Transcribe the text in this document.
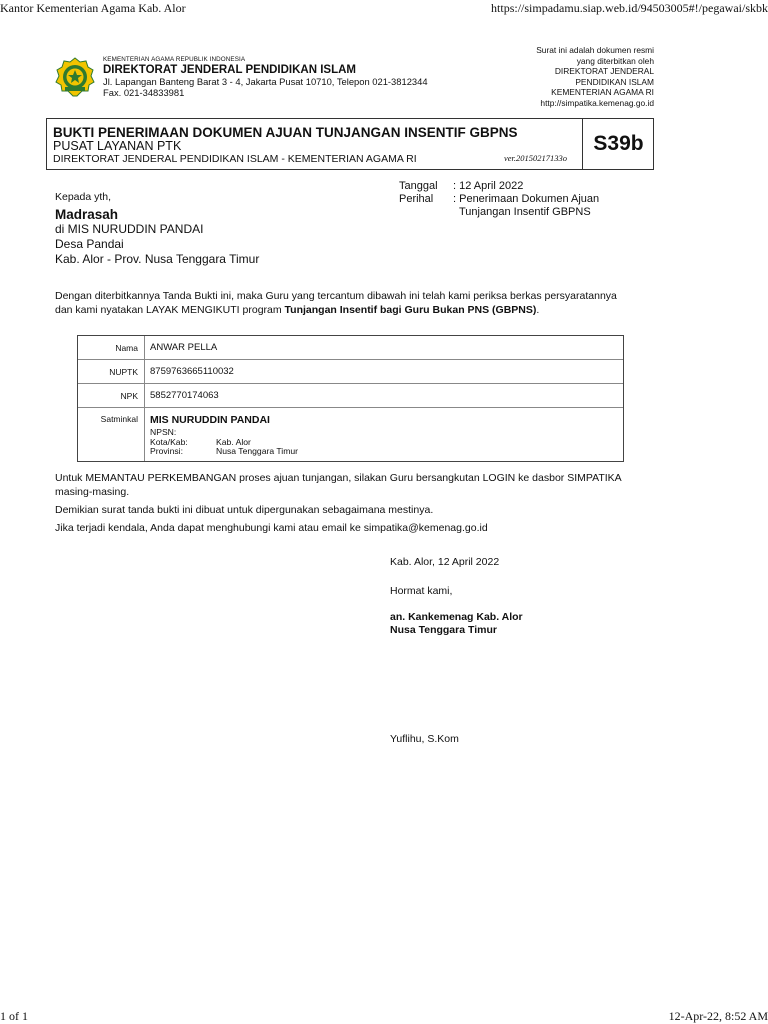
Kantor Kementerian Agama Kab. Alor	https://simpadamu.siap.web.id/94503005#!/pegawai/skbk
KEMENTERIAN AGAMA REPUBLIK INDONESIA
DIREKTORAT JENDERAL PENDIDIKAN ISLAM
Jl. Lapangan Banteng Barat 3 - 4, Jakarta Pusat 10710, Telepon 021-3812344
Fax. 021-34833981
Surat ini adalah dokumen resmi
yang diterbitkan oleh
DIREKTORAT JENDERAL
PENDIDIKAN ISLAM
KEMENTERIAN AGAMA RI
http://simpatika.kemenag.go.id
BUKTI PENERIMAAN DOKUMEN AJUAN TUNJANGAN INSENTIF GBPNS
PUSAT LAYANAN PTK
DIREKTORAT JENDERAL PENDIDIKAN ISLAM - KEMENTERIAN AGAMA RI	ver.20150217133o
S39b
Tanggal	: 12 April 2022
Perihal	: Penerimaan Dokumen Ajuan
Tunjangan Insentif GBPNS
Kepada yth,
Madrasah
di MIS NURUDDIN PANDAI
Desa Pandai
Kab. Alor - Prov. Nusa Tenggara Timur
Dengan diterbitkannya Tanda Bukti ini, maka Guru yang tercantum dibawah ini telah kami periksa berkas persyaratannya dan kami nyatakan LAYAK MENGIKUTI program Tunjangan Insentif bagi Guru Bukan PNS (GBPNS).
Nama	ANWAR PELLA
NUPTK	8759763665110032
NPK	5852770174063
Satminkal	MIS NURUDDIN PANDAI
NPSN:
Kota/Kab:	Kab. Alor
Provinsi:	Nusa Tenggara Timur
Untuk MEMANTAU PERKEMBANGAN proses ajuan tunjangan, silakan Guru bersangkutan LOGIN ke dasbor SIMPATIKA masing-masing.
Demikian surat tanda bukti ini dibuat untuk dipergunakan sebagaimana mestinya.
Jika terjadi kendala, Anda dapat menghubungi kami atau email ke simpatika@kemenag.go.id
Kab. Alor, 12 April 2022
Hormat kami,
an. Kankemenag Kab. Alor
Nusa Tenggara Timur
Yuflihu, S.Kom
1 of 1	12-Apr-22, 8:52 AM
